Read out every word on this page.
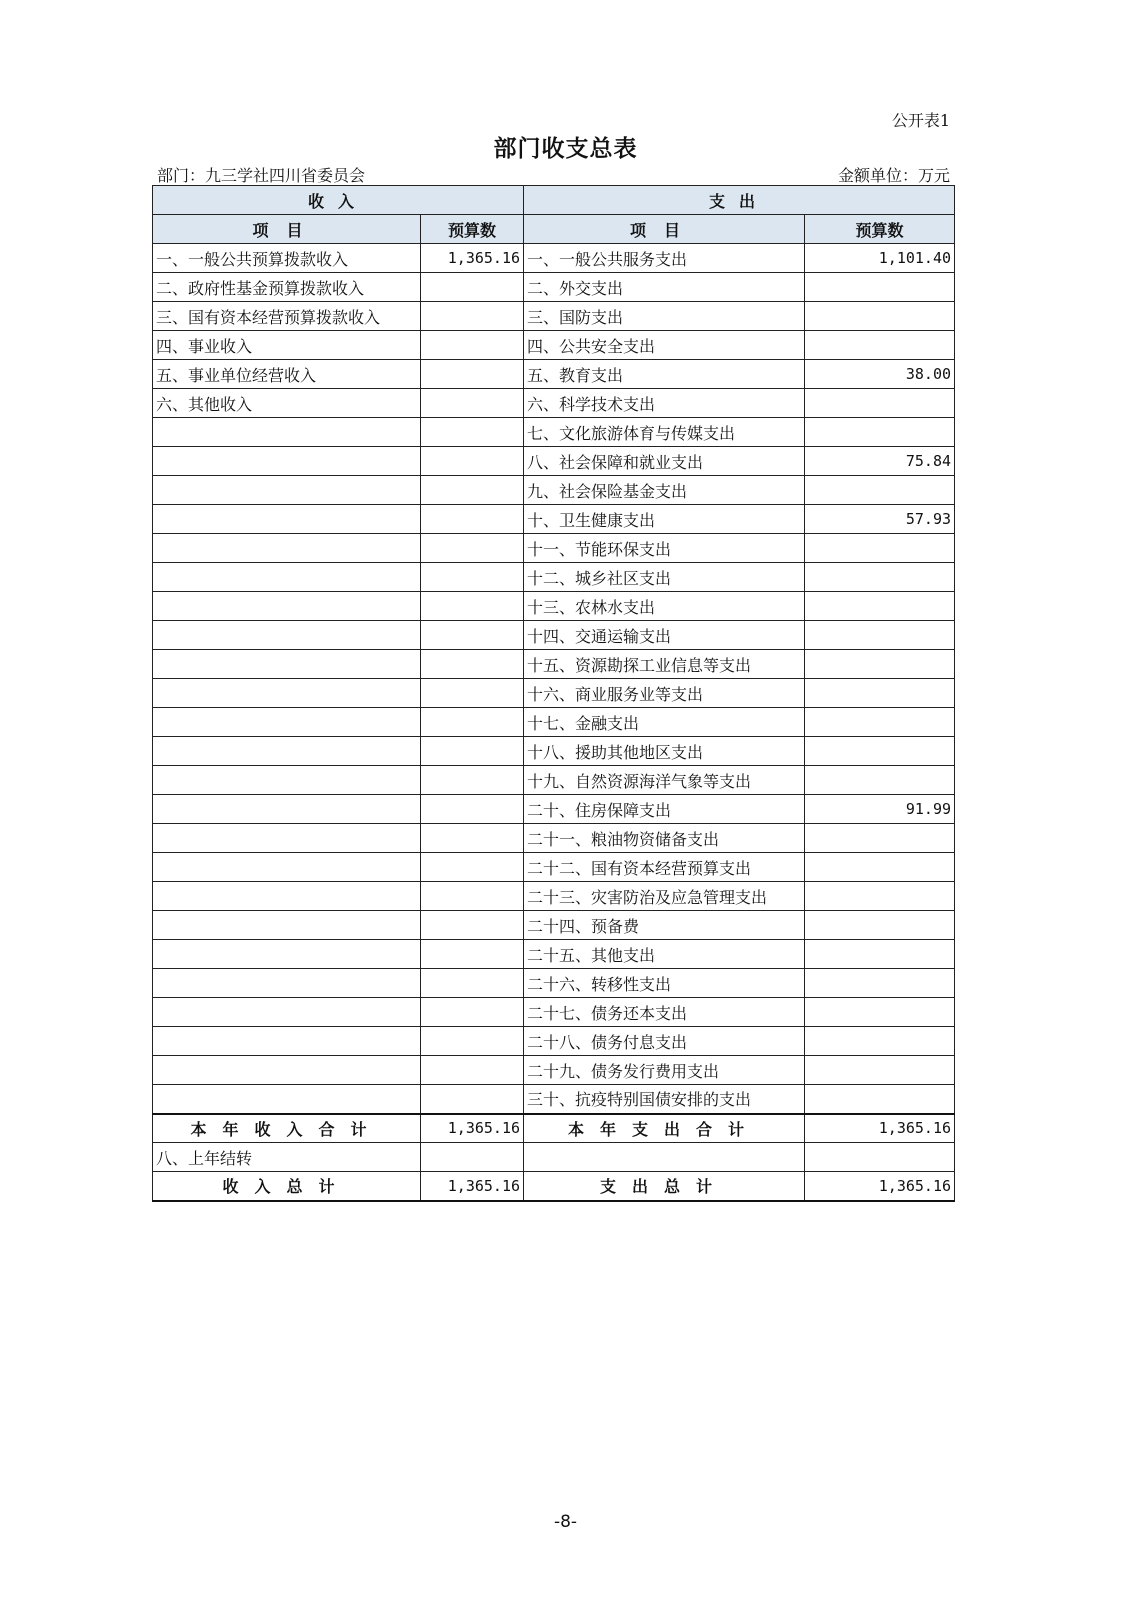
公开表1
部门收支总表
部门：九三学社四川省委员会	金额单位：万元
收入		支出	
项目	预算数	项目	预算数
一、一般公共预算拨款收入	1,365.16	一、一般公共服务支出	1,101.40
二、政府性基金预算拨款收入		二、外交支出	
三、国有资本经营预算拨款收入		三、国防支出	
四、事业收入		四、公共安全支出	
五、事业单位经营收入		五、教育支出	38.00
六、其他收入		六、科学技术支出	
		七、文化旅游体育与传媒支出	
		八、社会保障和就业支出	75.84
		九、社会保险基金支出	
		十、卫生健康支出	57.93
		十一、节能环保支出	
		十二、城乡社区支出	
		十三、农林水支出	
		十四、交通运输支出	
		十五、资源勘探工业信息等支出	
		十六、商业服务业等支出	
		十七、金融支出	
		十八、援助其他地区支出	
		十九、自然资源海洋气象等支出	
		二十、住房保障支出	91.99
		二十一、粮油物资储备支出	
		二十二、国有资本经营预算支出	
		二十三、灾害防治及应急管理支出	
		二十四、预备费	
		二十五、其他支出	
		二十六、转移性支出	
		二十七、债务还本支出	
		二十八、债务付息支出	
		二十九、债务发行费用支出	
		三十、抗疫特别国债安排的支出	
本年收入合计	1,365.16	本年支出合计	1,365.16
八、上年结转			
收入总计	1,365.16	支出总计	1,365.16
-8-
